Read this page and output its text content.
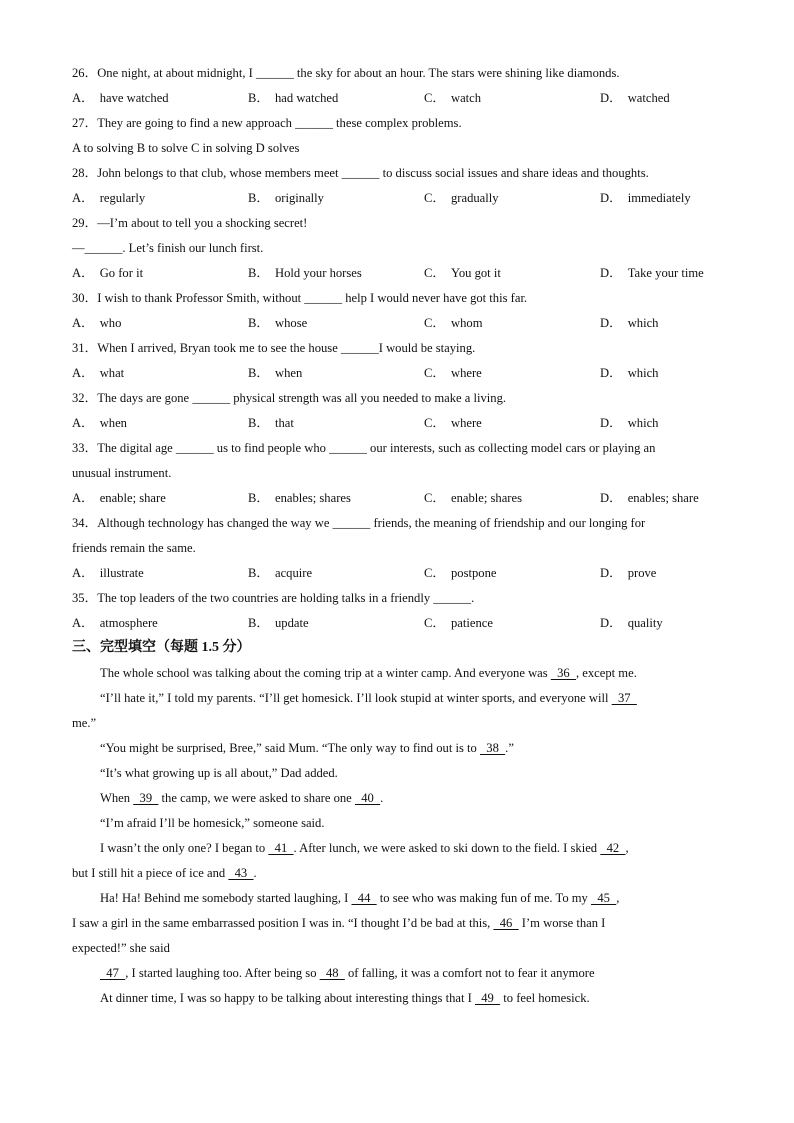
26．One night, at about midnight, I ______ the sky for about an hour. The stars were shining like diamonds.
A． have watched	B． had watched	C． watch	D． watched
27．They are going to find a new approach ______ these complex problems.
A to solving B to solve C in solving D solves
28．John belongs to that club, whose members meet ______ to discuss social issues and share ideas and thoughts.
A． regularly	B． originally	C． gradually	D． immediately
29．—I’m about to tell you a shocking secret!
—______. Let’s finish our lunch first.
A． Go for it	B． Hold your horses	C． You got it	D． Take your time
30．I wish to thank Professor Smith, without ______ help I would never have got this far.
A． who	B． whose	C． whom	D． which
31．When I arrived, Bryan took me to see the house ______I would be staying.
A． what	B． when	C． where	D． which
32．The days are gone ______ physical strength was all you needed to make a living.
A． when	B． that	C． where	D． which
33．The digital age ______ us to find people who ______ our interests, such as collecting model cars or playing an
unusual instrument.
A． enable; share	B． enables; shares	C． enable; shares	D． enables; share
34．Although technology has changed the way we ______ friends, the meaning of friendship and our longing for
friends remain the same.
A． illustrate	B． acquire	C． postpone	D． prove
35．The top leaders of the two countries are holding talks in a friendly ______.
A． atmosphere	B． update	C． patience	D． quality
三、完型填空（每题 1.5 分）
The whole school was talking about the coming trip at a winter camp. And everyone was   36  , except me.
“I’ll hate it,” I told my parents. “I’ll get homesick. I’ll look stupid at winter sports, and everyone will   37
me.”
“You might be surprised, Bree,” said Mum. “The only way to find out is to   38  .”
“It’s what growing up is all about,” Dad added.
When   39   the camp, we were asked to share one   40  .
“I’m afraid I’ll be homesick,” someone said.
I wasn’t the only one? I began to   41  . After lunch, we were asked to ski down to the field. I skied   42  ,
but I still hit a piece of ice and   43  .
Ha! Ha! Behind me somebody started laughing, I   44   to see who was making fun of me. To my   45  ,
I saw a girl in the same embarrassed position I was in. “I thought I’d be bad at this,   46   I’m worse than I
expected!” she said
47  , I started laughing too. After being so   48   of falling, it was a comfort not to fear it anymore
At dinner time, I was so happy to be talking about interesting things that I   49   to feel homesick.
